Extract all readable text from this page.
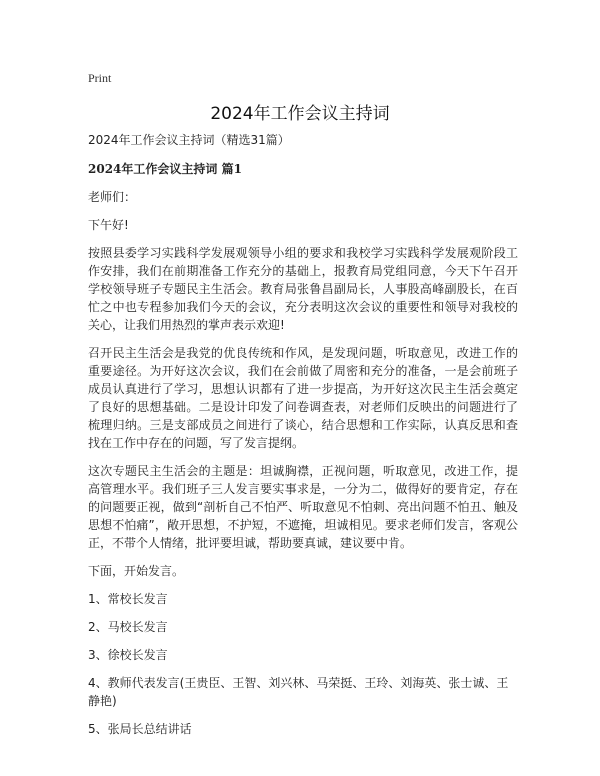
Print
2024年工作会议主持词

2024年工作会议主持词（精选31篇）

2024年工作会议主持词 篇1

老师们：

下午好!

按照县委学习实践科学发展观领导小组的要求和我校学习实践科学发展观阶段工作安排，我们在前期准备工作充分的基础上，报教育局党组同意，今天下午召开学校领导班子专题民主生活会。教育局张鲁昌副局长，人事股高峰副股长，在百忙之中也专程参加我们今天的会议，充分表明这次会议的重要性和领导对我校的关心，让我们用热烈的掌声表示欢迎!

召开民主生活会是我党的优良传统和作风，是发现问题，听取意见，改进工作的重要途径。为开好这次会议，我们在会前做了周密和充分的准备，一是会前班子成员认真进行了学习，思想认识都有了进一步提高，为开好这次民主生活会奠定了良好的思想基础。二是设计印发了问卷调查表，对老师们反映出的问题进行了梳理归纳。三是支部成员之间进行了谈心，结合思想和工作实际，认真反思和查找在工作中存在的问题，写了发言提纲。

这次专题民主生活会的主题是：坦诚胸襟，正视问题，听取意见，改进工作，提高管理水平。我们班子三人发言要实事求是，一分为二，做得好的要肯定，存在的问题要正视，做到“剖析自己不怕严、听取意见不怕刺、亮出问题不怕丑、触及思想不怕痛”，敞开思想，不护短，不遮掩，坦诚相见。要求老师们发言，客观公正，不带个人情绪，批评要坦诚，帮助要真诚，建议要中肯。

下面，开始发言。

1、常校长发言
2、马校长发言
3、徐校长发言
4、教师代表发言(王贵臣、王智、刘兴林、马荣挺、王玲、刘海英、张士诚、王静艳)
5、张局长总结讲话
